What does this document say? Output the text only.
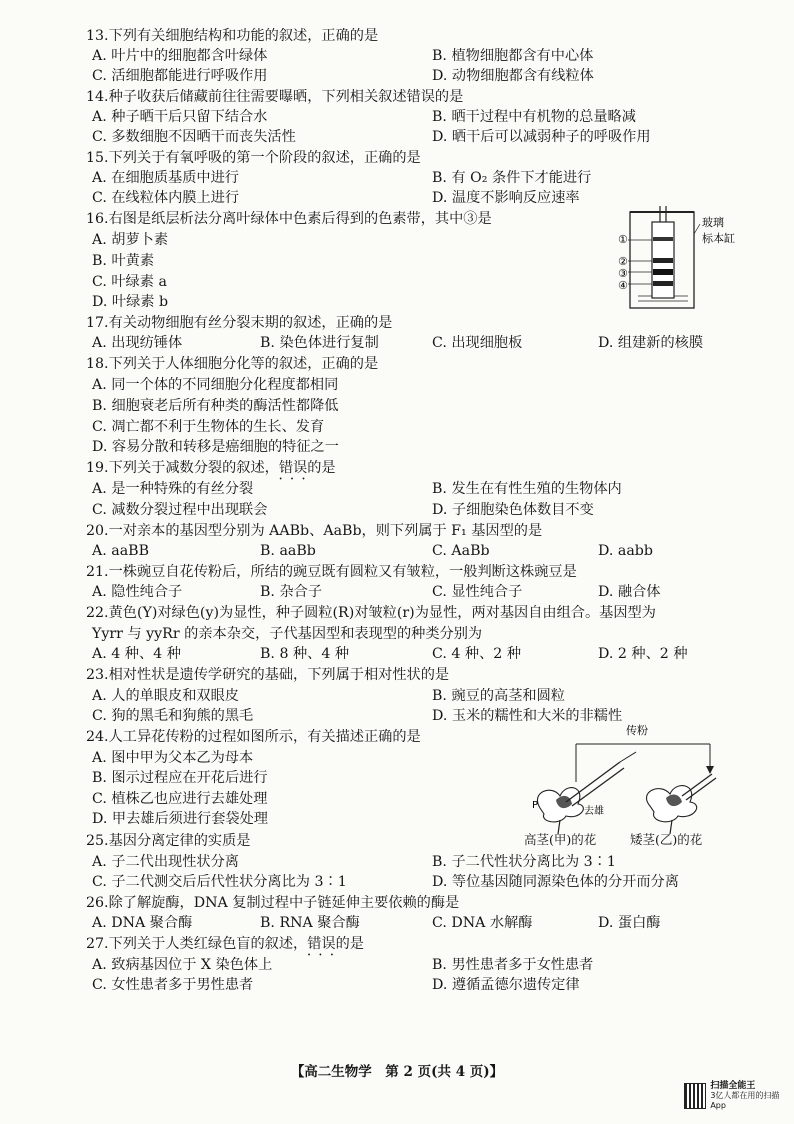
13.下列有关细胞结构和功能的叙述，正确的是
A. 叶片中的细胞都含叶绿体	B. 植物细胞都含有中心体
C. 活细胞都能进行呼吸作用	D. 动物细胞都含有线粒体
14.种子收获后储藏前往往需要曝晒，下列相关叙述错误的是
A. 种子晒干后只留下结合水	B. 晒干过程中有机物的总量略减
C. 多数细胞不因晒干而丧失活性	D. 晒干后可以减弱种子的呼吸作用
15.下列关于有氧呼吸的第一个阶段的叙述，正确的是
A. 在细胞质基质中进行	B. 有 O₂ 条件下才能进行
C. 在线粒体内膜上进行	D. 温度不影响反应速率
16.右图是纸层析法分离叶绿体中色素后得到的色素带，其中③是
A. 胡萝卜素
B. 叶黄素
C. 叶绿素 a
D. 叶绿素 b
①
②
③
④
玻璃
标本缸
17.有关动物细胞有丝分裂末期的叙述，正确的是
A. 出现纺锤体	B. 染色体进行复制	C. 出现细胞板	D. 组建新的核膜
18.下列关于人体细胞分化等的叙述，正确的是
A. 同一个体的不同细胞分化程度都相同
B. 细胞衰老后所有种类的酶活性都降低
C. 凋亡都不利于生物体的生长、发育
D. 容易分散和转移是癌细胞的特征之一
19.下列关于减数分裂的叙述，错误 • • •的是
A. 是一种特殊的有丝分裂	B. 发生在有性生殖的生物体内
C. 减数分裂过程中出现联会	D. 子细胞染色体数目不变
20.一对亲本的基因型分别为 AABb、AaBb，则下列属于 F₁ 基因型的是
A. aaBB	B. aaBb	C. AaBb	D. aabb
21.一株豌豆自花传粉后，所结的豌豆既有圆粒又有皱粒，一般判断这株豌豆是
A. 隐性纯合子	B. 杂合子	C. 显性纯合子	D. 融合体
22.黄色(Y)对绿色(y)为显性，种子圆粒(R)对皱粒(r)为显性，两对基因自由组合。基因型为
Yyrr 与 yyRr 的亲本杂交，子代基因型和表现型的种类分别为
A. 4 种、4 种	B. 8 种、4 种	C. 4 种、2 种	D. 2 种、2 种
23.相对性状是遗传学研究的基础，下列属于相对性状的是
A. 人的单眼皮和双眼皮	B. 豌豆的高茎和圆粒
C. 狗的黑毛和狗熊的黑毛	D. 玉米的糯性和大米的非糯性
24.人工异花传粉的过程如图所示，有关描述正确的是
A. 图中甲为父本乙为母本
B. 图示过程应在开花后进行
C. 植株乙也应进行去雄处理
D. 甲去雄后须进行套袋处理
传粉
P
去雄
高茎(甲)的花	矮茎(乙)的花
25.基因分离定律的实质是
A. 子二代出现性状分离	B. 子二代性状分离比为 3∶1
C. 子二代测交后后代性状分离比为 3∶1	D. 等位基因随同源染色体的分开而分离
26.除了解旋酶，DNA 复制过程中子链延伸主要依赖的酶是
A. DNA 聚合酶	B. RNA 聚合酶	C. DNA 水解酶	D. 蛋白酶
27.下列关于人类红绿色盲的叙述，错误 • • •的是
A. 致病基因位于 X 染色体上	B. 男性患者多于女性患者
C. 女性患者多于男性患者	D. 遵循孟德尔遗传定律
【高二生物学　第 2 页(共 4 页)】
扫描全能王
3亿人都在用的扫描App
